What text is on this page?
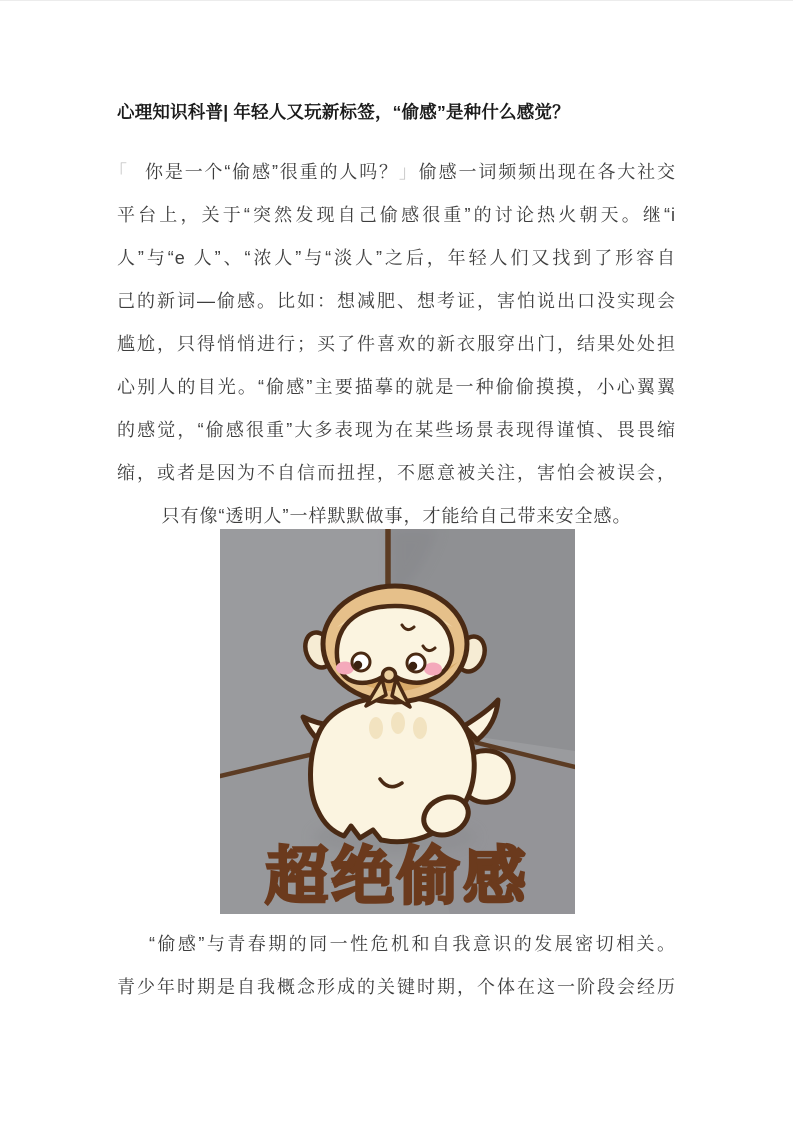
心理知识科普| 年轻人又玩新标签，“偷感”是种什么感觉？
「 你是一个“偷感”很重的人吗？」偷感一词频频出现在各大社交
平台上，关于“突然发现自己偷感很重”的讨论热火朝天。继“i
人”与“e 人”、“浓人”与“淡人”之后，年轻人们又找到了形容自
己的新词—偷感。比如：想减肥、想考证，害怕说出口没实现会
尴尬，只得悄悄进行；买了件喜欢的新衣服穿出门，结果处处担
心别人的目光。“偷感”主要描摹的就是一种偷偷摸摸，小心翼翼
的感觉，“偷感很重”大多表现为在某些场景表现得谨慎、畏畏缩
缩，或者是因为不自信而扭捏，不愿意被关注，害怕会被误会，
只有像“透明人”一样默默做事，才能给自己带来安全感。
超绝偷感
“偷感”与青春期的同一性危机和自我意识的发展密切相关。
青少年时期是自我概念形成的关键时期，个体在这一阶段会经历
